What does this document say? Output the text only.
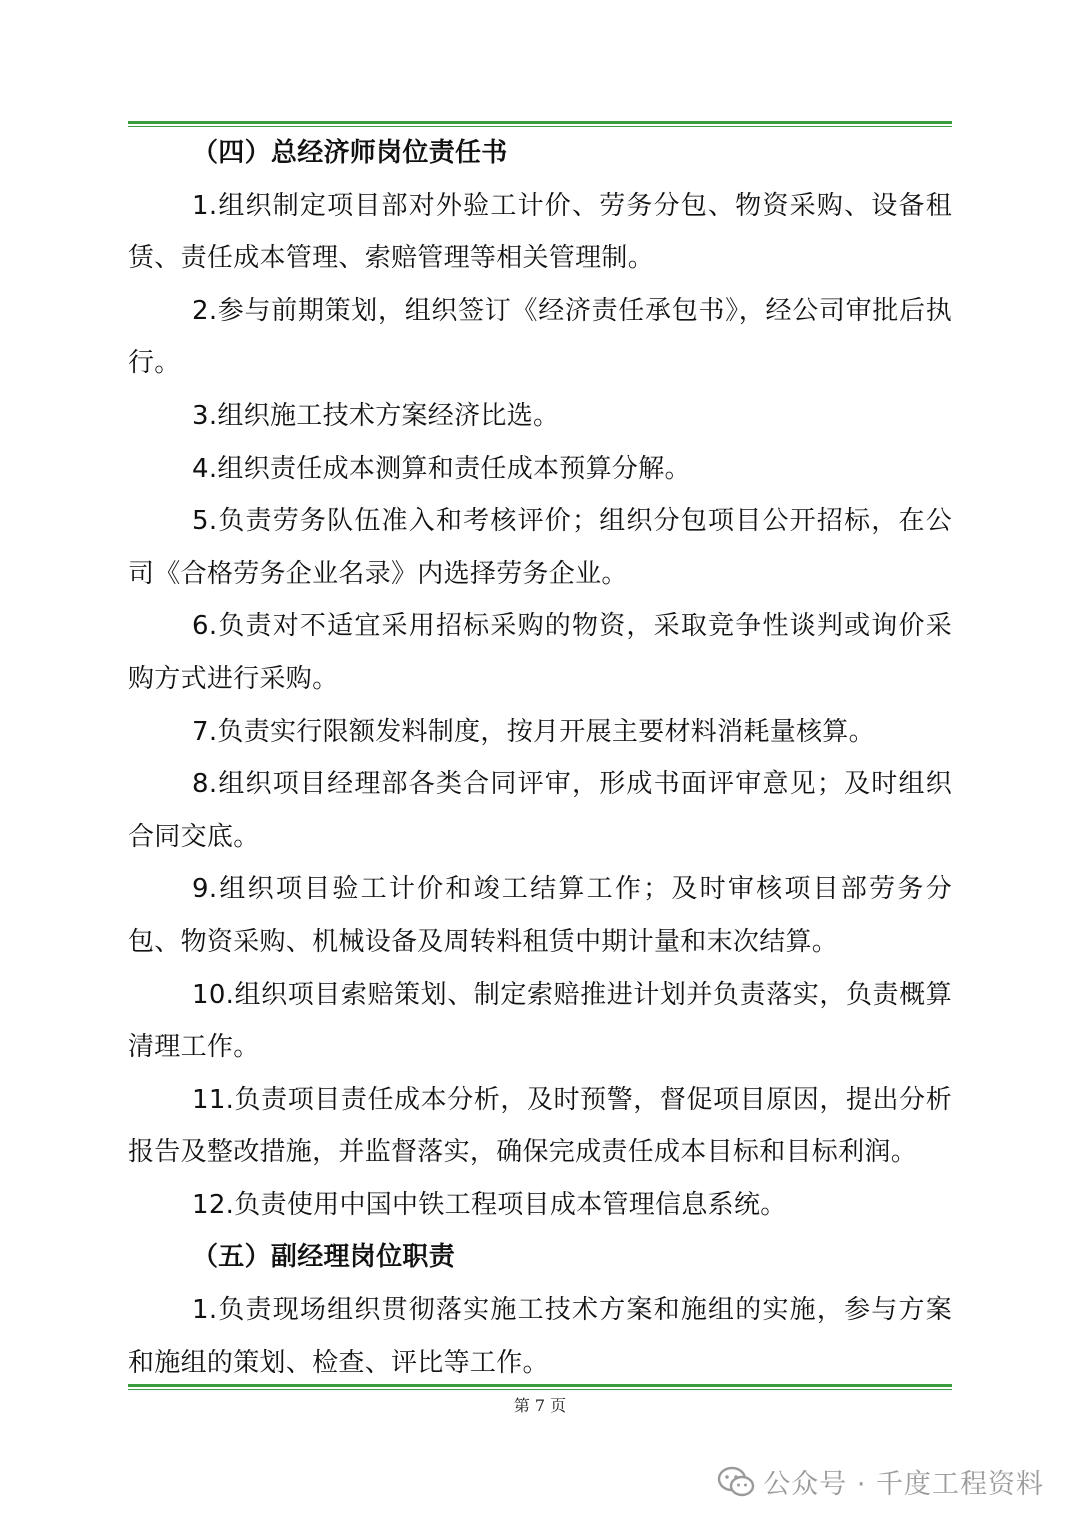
（四）总经济师岗位责任书

1.组织制定项目部对外验工计价、劳务分包、物资采购、设备租赁、责任成本管理、索赔管理等相关管理制。

2.参与前期策划，组织签订《经济责任承包书》，经公司审批后执行。

3.组织施工技术方案经济比选。

4.组织责任成本测算和责任成本预算分解。

5.负责劳务队伍准入和考核评价；组织分包项目公开招标，在公司《合格劳务企业名录》内选择劳务企业。

6.负责对不适宜采用招标采购的物资，采取竞争性谈判或询价采购方式进行采购。

7.负责实行限额发料制度，按月开展主要材料消耗量核算。

8.组织项目经理部各类合同评审，形成书面评审意见；及时组织合同交底。

9.组织项目验工计价和竣工结算工作；及时审核项目部劳务分包、物资采购、机械设备及周转料租赁中期计量和末次结算。

10.组织项目索赔策划、制定索赔推进计划并负责落实，负责概算清理工作。

11.负责项目责任成本分析，及时预警，督促项目原因，提出分析报告及整改措施，并监督落实，确保完成责任成本目标和目标利润。

12.负责使用中国中铁工程项目成本管理信息系统。

（五）副经理岗位职责

1.负责现场组织贯彻落实施工技术方案和施组的实施，参与方案和施组的策划、检查、评比等工作。

第 7 页
公众号 · 千度工程资料
